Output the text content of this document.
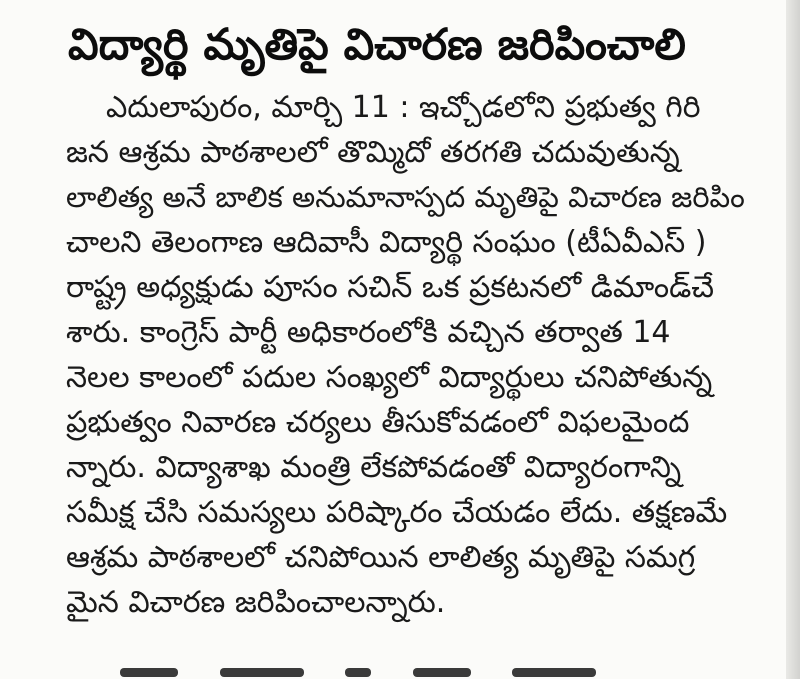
విద్యార్థి మృతిపై విచారణ జరిపించాలి
ఎదులాపురం, మార్చి 11 : ఇచ్చోడలోని ప్రభుత్వ గిరి
జన ఆశ్రమ పాఠశాలలో తొమ్మిదో తరగతి చదువుతున్న
లాలిత్య అనే బాలిక అనుమానాస్పద మృతిపై విచారణ జరిపిం
చాలని తెలంగాణ ఆదివాసీ విద్యార్థి సంఘం (టీఏవీఎస్ )
రాష్ట్ర అధ్యక్షుడు పూసం సచిన్ ఒక ప్రకటనలో డిమాండ్‌చే
శారు. కాంగ్రెస్ పార్టీ అధికారంలోకి వచ్చిన తర్వాత 14
నెలల కాలంలో పదుల సంఖ్యలో విద్యార్థులు చనిపోతున్న
ప్రభుత్వం నివారణ చర్యలు తీసుకోవడంలో విఫలమైంద
న్నారు. విద్యాశాఖ మంత్రి లేకపోవడంతో విద్యారంగాన్ని
సమీక్ష చేసి సమస్యలు పరిష్కారం చేయడం లేదు. తక్షణమే
ఆశ్రమ పాఠశాలలో చనిపోయిన లాలిత్య మృతిపై సమగ్ర
మైన విచారణ జరిపించాలన్నారు.
